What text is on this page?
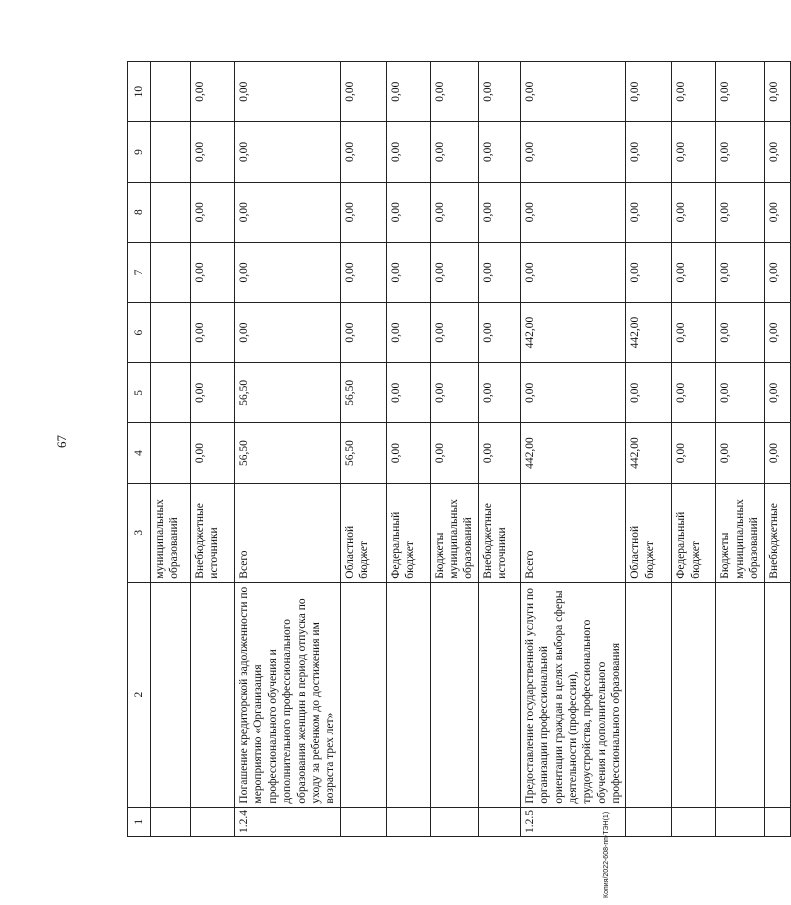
67
1	2	3	4	5	6	7	8	9	10
		муниципальных образований							
		Внебюджетные источники	0,00	0,00	0,00	0,00	0,00	0,00	0,00
1.2.4	Погашение кредиторской задолженности по мероприятию «Организация профессионального обучения и дополнительного профессионального образования женщин в период отпуска по уходу за ребенком до достижения им возраста трех лет»	Всего	56,50	56,50	0,00	0,00	0,00	0,00	0,00
		Областной бюджет	56,50	56,50	0,00	0,00	0,00	0,00	0,00
		Федеральный бюджет	0,00	0,00	0,00	0,00	0,00	0,00	0,00
		Бюджеты муниципальных образований	0,00	0,00	0,00	0,00	0,00	0,00	0,00
		Внебюджетные источники	0,00	0,00	0,00	0,00	0,00	0,00	0,00
1.2.5	Предоставление государственной услуги по организации профессиональной ориентации граждан в целях выбора сферы деятельности (профессии), трудоустройства, профессионального обучения и дополнительного профессионального образования	Всего	442,00	0,00	442,00	0,00	0,00	0,00	0,00
		Областной бюджет	442,00	0,00	442,00	0,00	0,00	0,00	0,00
		Федеральный бюджет	0,00	0,00	0,00	0,00	0,00	0,00	0,00
		Бюджеты муниципальных образований	0,00	0,00	0,00	0,00	0,00	0,00	0,00
		Внебюджетные	0,00	0,00	0,00	0,00	0,00	0,00	0,00
Копия/2022-608-пп-ТЭН(1)
